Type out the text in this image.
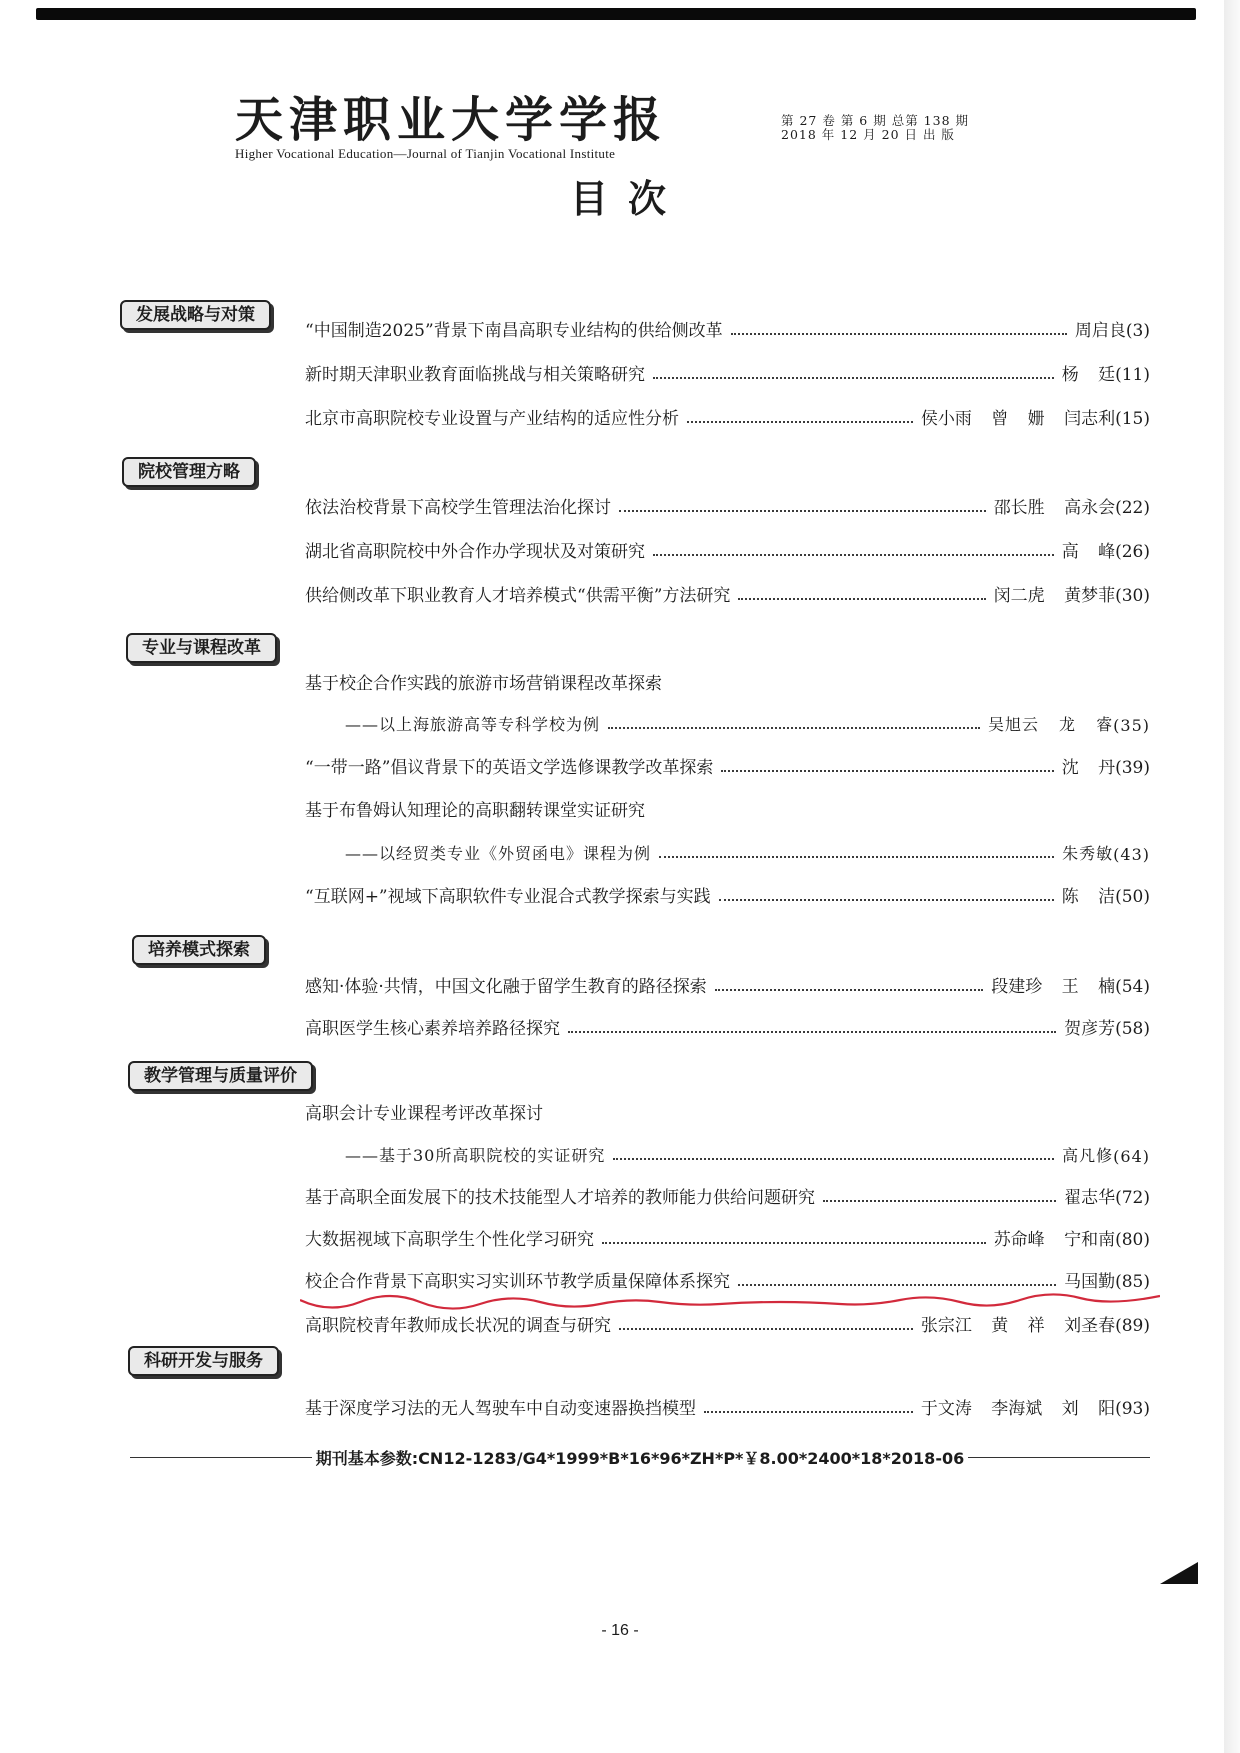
天津职业大学学报
Higher Vocational Education—Journal of Tianjin Vocational Institute
第 27 卷 第 6 期 总第 138 期
2018 年 12 月 20 日 出 版
目次
发展战略与对策
“中国制造2025”背景下南昌高职专业结构的供给侧改革	周启良 (3)
新时期天津职业教育面临挑战与相关策略研究	杨 廷 (11)
北京市高职院校专业设置与产业结构的适应性分析	侯小雨 曾 姗 闫志利 (15)
院校管理方略
依法治校背景下高校学生管理法治化探讨	邵长胜 高永会 (22)
湖北省高职院校中外合作办学现状及对策研究	高 峰 (26)
供给侧改革下职业教育人才培养模式“供需平衡”方法研究	闵二虎 黄梦菲 (30)
专业与课程改革
基于校企合作实践的旅游市场营销课程改革探索
——以上海旅游高等专科学校为例	吴旭云 龙 睿 (35)
“一带一路”倡议背景下的英语文学选修课教学改革探索	沈 丹 (39)
基于布鲁姆认知理论的高职翻转课堂实证研究
——以经贸类专业《外贸函电》课程为例	朱秀敏 (43)
“互联网+”视域下高职软件专业混合式教学探索与实践	陈 洁 (50)
培养模式探索
感知·体验·共情，中国文化融于留学生教育的路径探索	段建珍 王 楠 (54)
高职医学生核心素养培养路径探究	贺彦芳 (58)
教学管理与质量评价
高职会计专业课程考评改革探讨
——基于30所高职院校的实证研究	高凡修 (64)
基于高职全面发展下的技术技能型人才培养的教师能力供给问题研究	翟志华 (72)
大数据视域下高职学生个性化学习研究	苏命峰 宁和南 (80)
校企合作背景下高职实习实训环节教学质量保障体系探究	马国勤 (85)
高职院校青年教师成长状况的调查与研究	张宗江 黄 祥 刘圣春 (89)
科研开发与服务
基于深度学习法的无人驾驶车中自动变速器换挡模型	于文涛 李海斌 刘 阳 (93)
期刊基本参数:CN12-1283/G4*1999*B*16*96*ZH*P*￥8.00*2400*18*2018-06
- 16 -
